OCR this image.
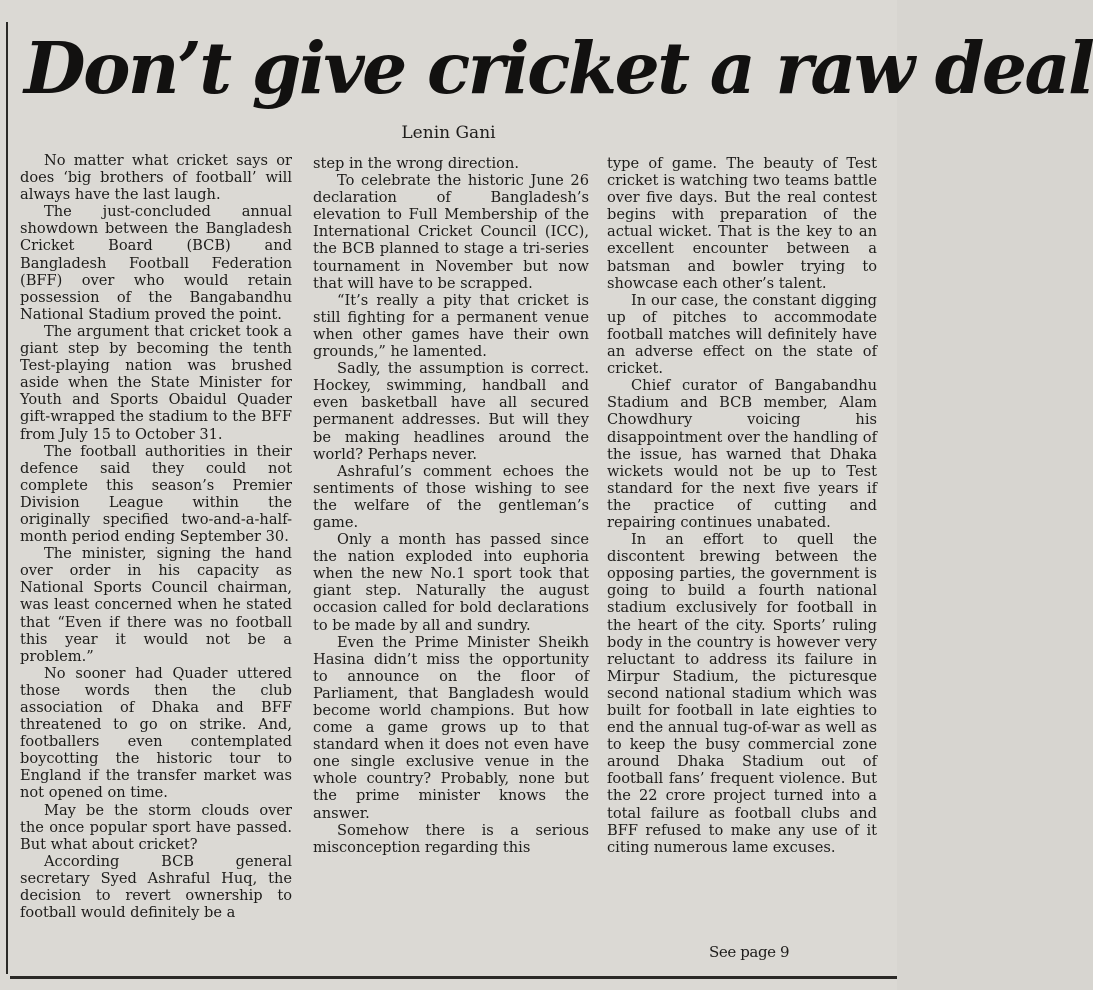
Don’t give cricket a raw deal
Lenin Gani

No matter what cricket says or does ‘big brothers of football’ will always have the last laugh.

The just-concluded annual showdown between the Bangladesh Cricket Board (BCB) and Bangladesh Football Federation (BFF) over who would retain possession of the Bangabandhu National Stadium proved the point.

The argument that cricket took a giant step by becoming the tenth Test-playing nation was brushed aside when the State Minister for Youth and Sports Obaidul Quader gift-wrapped the stadium to the BFF from July 15 to October 31.

The football authorities in their defence said they could not complete this season’s Premier Division League within the originally specified two-and-a-half-month period ending September 30.

The minister, signing the hand over order in his capacity as National Sports Council chairman, was least concerned when he stated that “Even if there was no football this year it would not be a problem.”

No sooner had Quader uttered those words then the club association of Dhaka and BFF threatened to go on strike. And, footballers even contemplated boycotting the historic tour to England if the transfer market was not opened on time.

May be the storm clouds over the once popular sport have passed. But what about cricket?

According BCB general secretary Syed Ashraful Huq, the decision to revert ownership to football would definitely be a

step in the wrong direction.

To celebrate the historic June 26 declaration of Bangladesh’s elevation to Full Membership of the International Cricket Council (ICC), the BCB planned to stage a tri-series tournament in November but now that will have to be scrapped.

“It’s really a pity that cricket is still fighting for a permanent venue when other games have their own grounds,” he lamented.

Sadly, the assumption is correct. Hockey, swimming, handball and even basketball have all secured permanent addresses. But will they be making headlines around the world? Perhaps never.

Ashraful’s comment echoes the sentiments of those wishing to see the welfare of the gentleman’s game.

Only a month has passed since the nation exploded into euphoria when the new No.1 sport took that giant step. Naturally the august occasion called for bold declarations to be made by all and sundry.

Even the Prime Minister Sheikh Hasina didn’t miss the opportunity to announce on the floor of Parliament, that Bangladesh would become world champions. But how come a game grows up to that standard when it does not even have one single exclusive venue in the whole country? Probably, none but the prime minister knows the answer.

Somehow there is a serious misconception regarding this

type of game. The beauty of Test cricket is watching two teams battle over five days. But the real contest begins with preparation of the actual wicket. That is the key to an excellent encounter between a batsman and bowler trying to showcase each other’s talent.

In our case, the constant digging up of pitches to accommodate football matches will definitely have an adverse effect on the state of cricket.

Chief curator of Bangabandhu Stadium and BCB member, Alam Chowdhury voicing his disappointment over the handling of the issue, has warned that Dhaka wickets would not be up to Test standard for the next five years if the practice of cutting and repairing continues unabated.

In an effort to quell the discontent brewing between the opposing parties, the government is going to build a fourth national stadium exclusively for football in the heart of the city. Sports’ ruling body in the country is however very reluctant to address its failure in Mirpur Stadium, the picturesque second national stadium which was built for football in late eighties to end the annual tug-of-war as well as to keep the busy commercial zone around Dhaka Stadium out of football fans’ frequent violence. But the 22 crore project turned into a total failure as football clubs and BFF refused to make any use of it citing numerous lame excuses.

See page 9
